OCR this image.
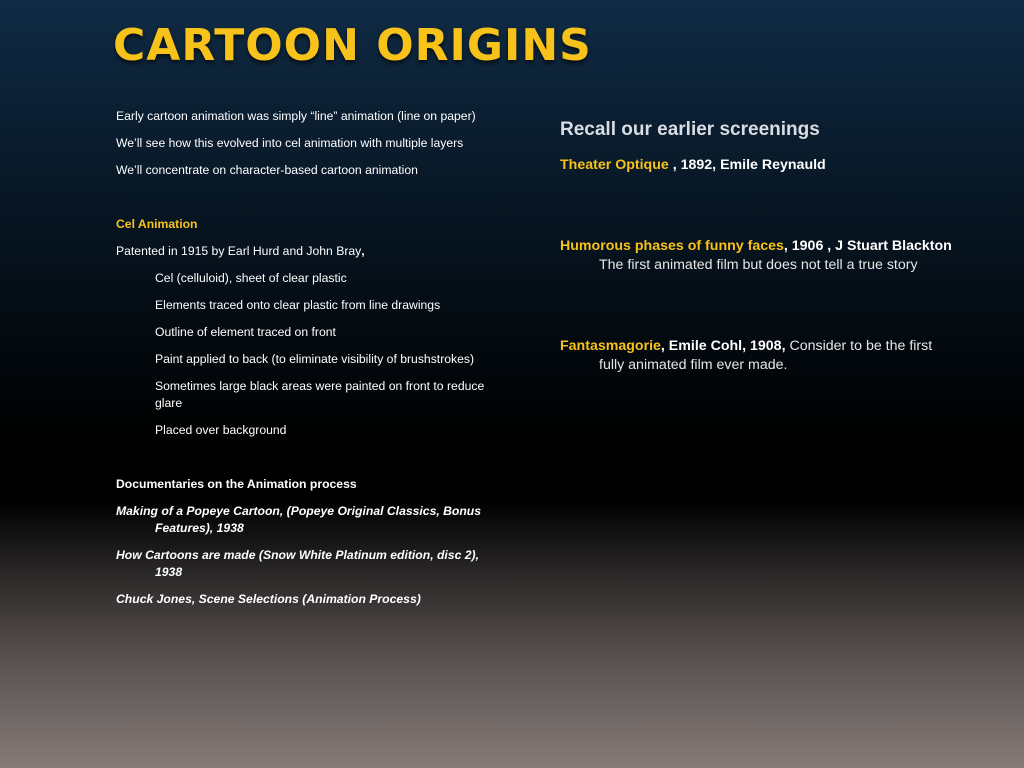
CARTOON ORIGINS

Early cartoon animation was simply “line” animation (line on paper)

We’ll see how this evolved into cel animation with multiple layers

We’ll concentrate on character-based cartoon animation

Cel Animation

Patented in 1915 by Earl Hurd and John Bray,

Cel (celluloid), sheet of clear plastic

Elements traced onto clear plastic from line drawings

Outline of element traced on front

Paint applied to back (to eliminate visibility of brushstrokes)

Sometimes large black areas were painted on front to reduce glare

Placed over background

Documentaries on the Animation process

Making of a Popeye Cartoon, (Popeye Original Classics, Bonus Features), 1938

How Cartoons are made (Snow White Platinum edition, disc 2), 1938

Chuck Jones, Scene Selections (Animation Process)

Recall our earlier screenings

Theater Optique , 1892, Emile Reynauld

Humorous phases of funny faces, 1906 , J Stuart Blackton
The first animated film but does not tell a true story

Fantasmagorie, Emile Cohl, 1908, Consider to be the first fully animated film ever made.
